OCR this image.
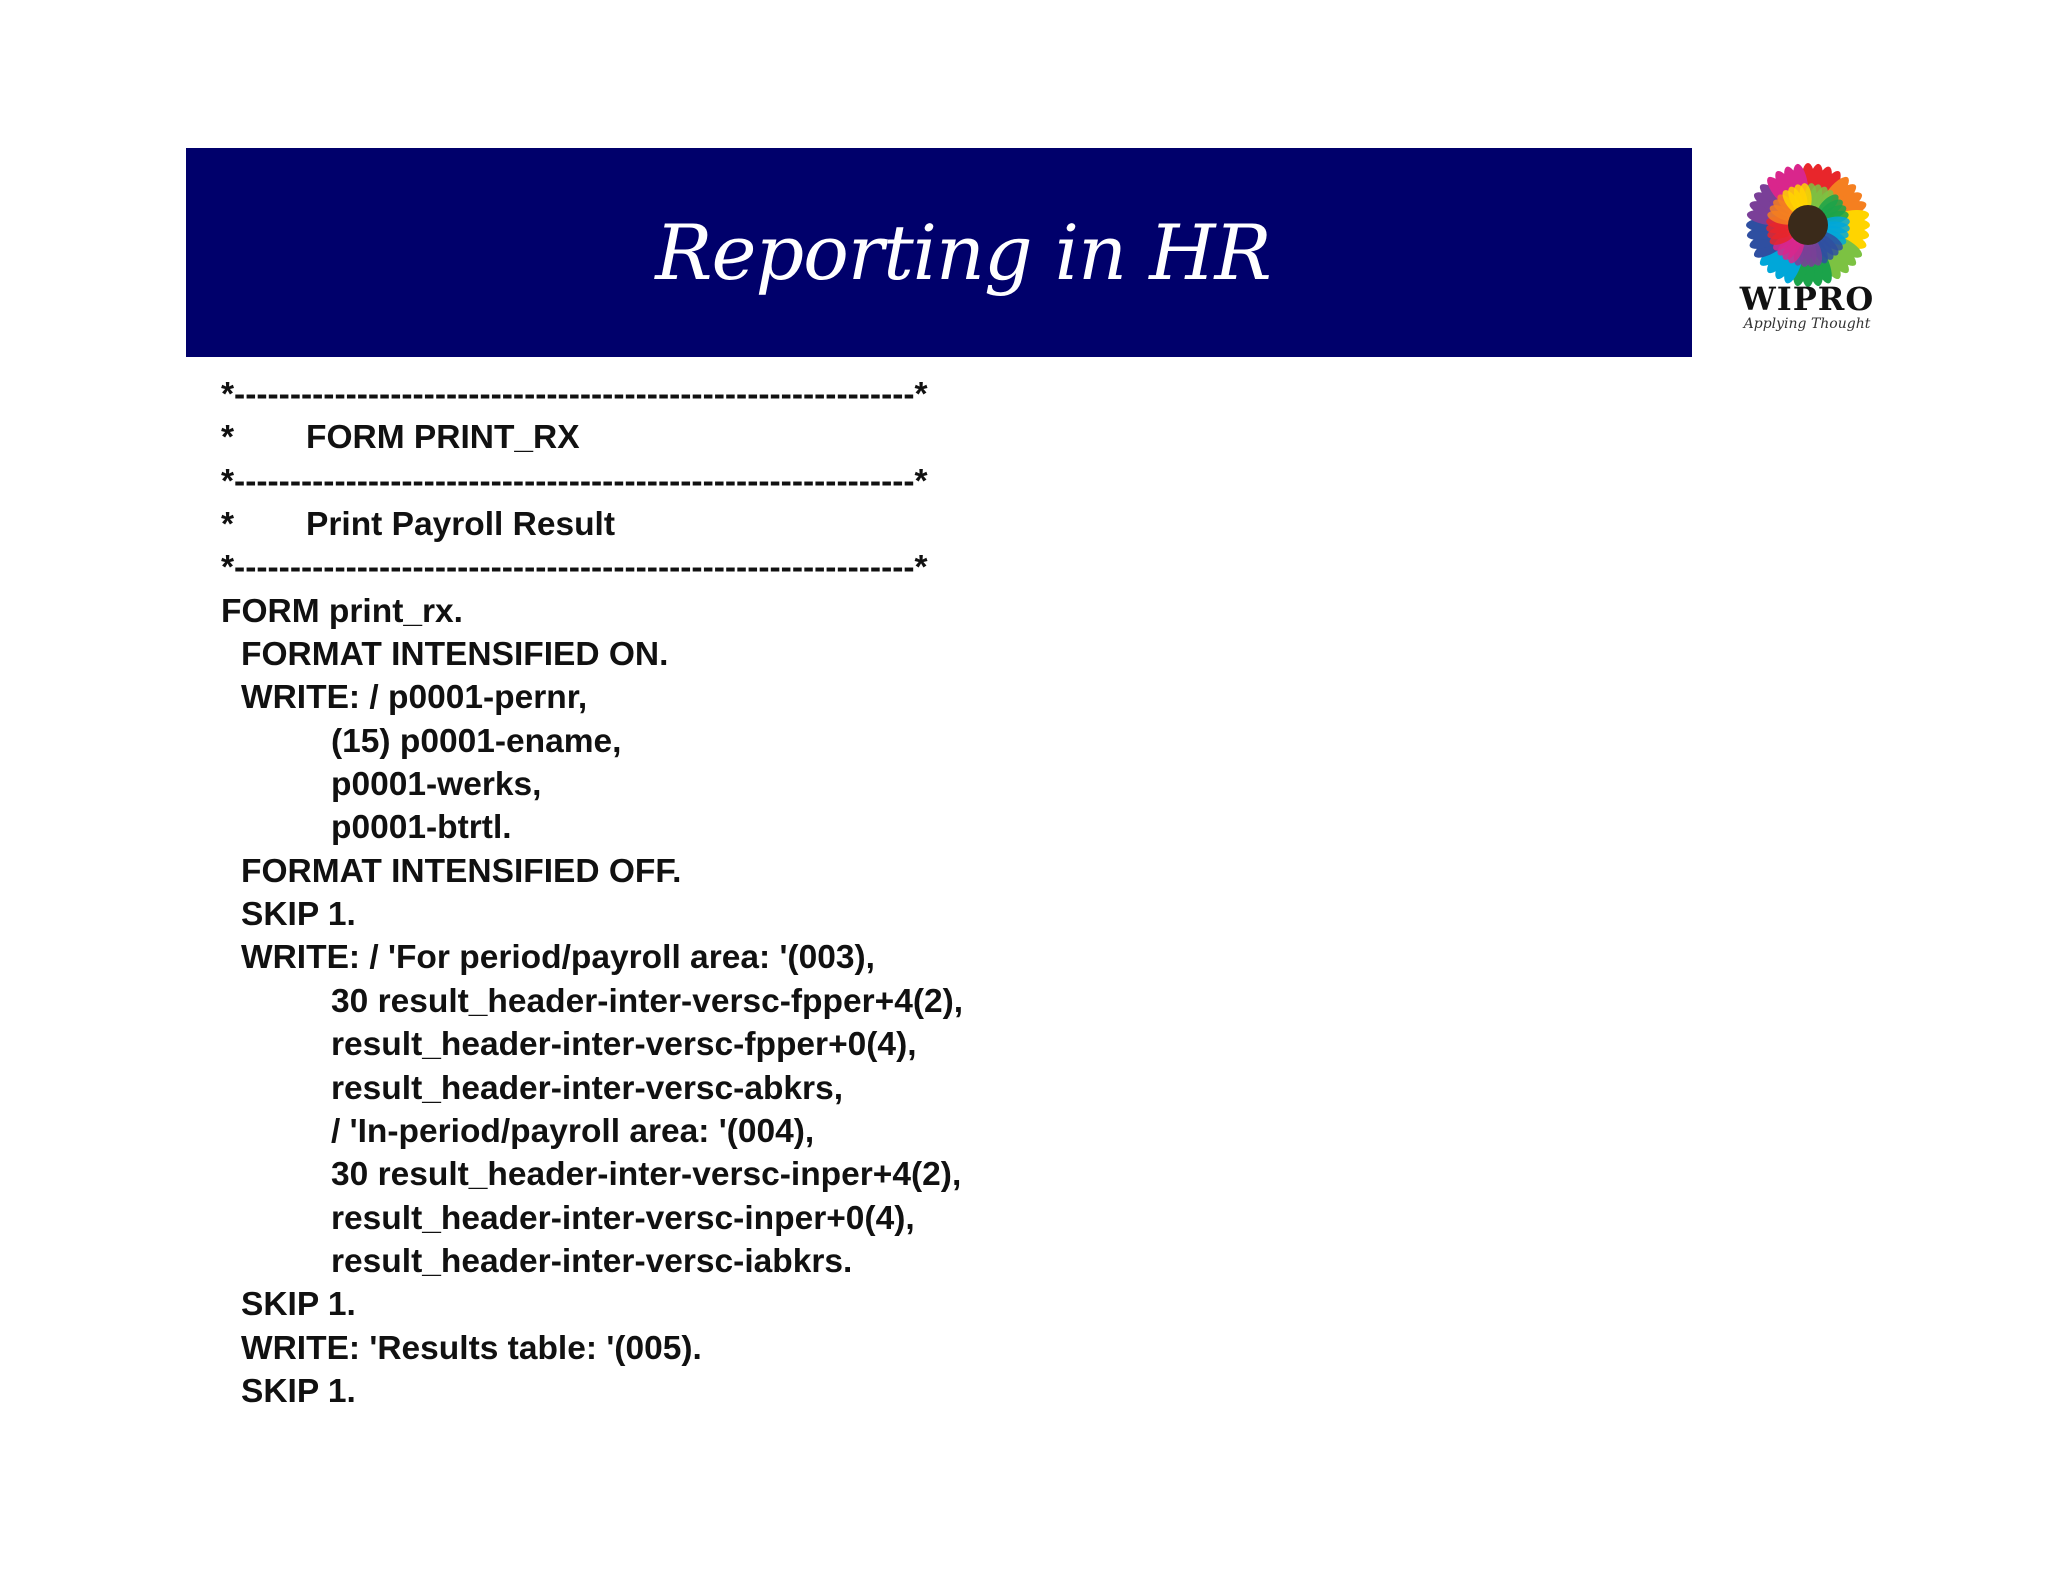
Reporting in HR
WIPRO
Applying Thought
*-------------------------------------------------------------*
* FORM PRINT_RX
*-------------------------------------------------------------*
* Print Payroll Result
*-------------------------------------------------------------*
FORM print_rx.
FORMAT INTENSIFIED ON.
WRITE: / p0001-pernr,
(15) p0001-ename,
p0001-werks,
p0001-btrtl.
FORMAT INTENSIFIED OFF.
SKIP 1.
WRITE: / 'For period/payroll area: '(003),
30 result_header-inter-versc-fpper+4(2),
result_header-inter-versc-fpper+0(4),
result_header-inter-versc-abkrs,
/ 'In-period/payroll area: '(004),
30 result_header-inter-versc-inper+4(2),
result_header-inter-versc-inper+0(4),
result_header-inter-versc-iabkrs.
SKIP 1.
WRITE: 'Results table: '(005).
SKIP 1.
